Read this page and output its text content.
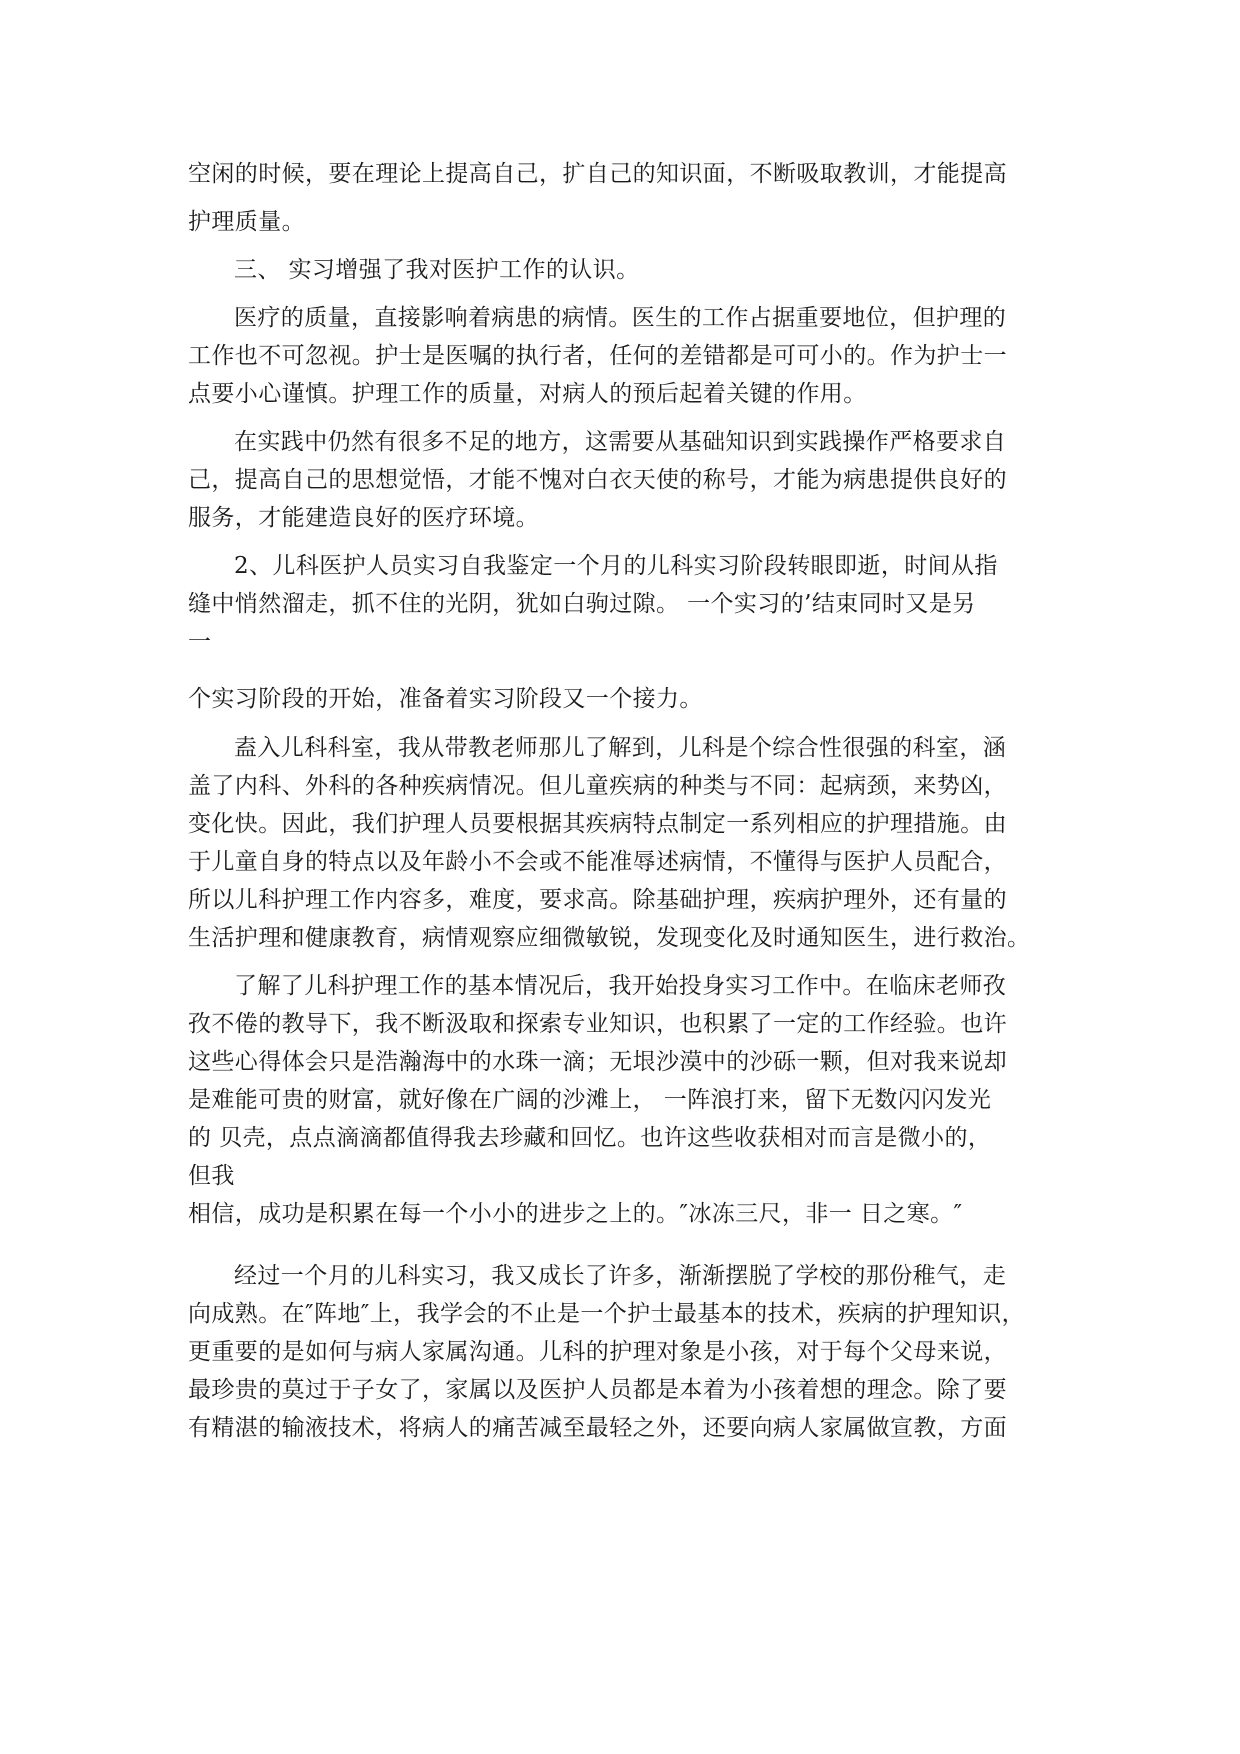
空闲的时候，要在理论上提高自己，扩自己的知识面，不断吸取教训，才能提高
护理质量。
三、 实习增强了我对医护工作的认识。
医疗的质量，直接影响着病患的病情。医生的工作占据重要地位，但护理的
工作也不可忽视。护士是医嘱的执行者，任何的差错都是可可小的。作为护士一
点要小心谨慎。护理工作的质量，对病人的预后起着关键的作用。
在实践中仍然有很多不足的地方，这需要从基础知识到实践操作严格要求自
己，提高自己的思想觉悟，才能不愧对白衣天使的称号，才能为病患提供良好的
服务，才能建造良好的医疗环境。
2、儿科医护人员实习自我鉴定一个月的儿科实习阶段转眼即逝，时间从指
缝中悄然溜走，抓不住的光阴，犹如白驹过隙。 一个实习的’结束同时又是另
一
个实习阶段的开始，准备着实习阶段又一个接力。
盍入儿科科室，我从带教老师那儿了解到，儿科是个综合性很强的科室，涵
盖了内科、外科的各种疾病情况。但儿童疾病的种类与不同：起病颈，来势凶，
变化快。因此，我们护理人员要根据其疾病特点制定一系列相应的护理措施。由
于儿童自身的特点以及年龄小不会或不能准辱述病情，不懂得与医护人员配合，
所以儿科护理工作内容多，难度，要求高。除基础护理，疾病护理外，还有量的
生活护理和健康教育，病情观察应细微敏锐，发现变化及时通知医生，进行救治。
了解了儿科护理工作的基本情况后，我开始投身实习工作中。在临床老师孜
孜不倦的教导下，我不断汲取和探索专业知识，也积累了一定的工作经验。也许
这些心得体会只是浩瀚海中的水珠一滴；无垠沙漠中的沙砾一颗，但对我来说却
是难能可贵的财富，就好像在广阔的沙滩上， 一阵浪打来，留下无数闪闪发光
的 贝壳，点点滴滴都值得我去珍藏和回忆。也许这些收获相对而言是微小的，
但我
相信，成功是积累在每一个小小的进步之上的。″冰冻三尺，非一 日之寒。″
经过一个月的儿科实习，我又成长了许多，渐渐摆脱了学校的那份稚气，走
向成熟。在″阵地″上，我学会的不止是一个护士最基本的技术，疾病的护理知识，
更重要的是如何与病人家属沟通。儿科的护理对象是小孩，对于每个父母来说，
最珍贵的莫过于子女了，家属以及医护人员都是本着为小孩着想的理念。除了要
有精湛的输液技术，将病人的痛苦减至最轻之外，还要向病人家属做宣教，方面
